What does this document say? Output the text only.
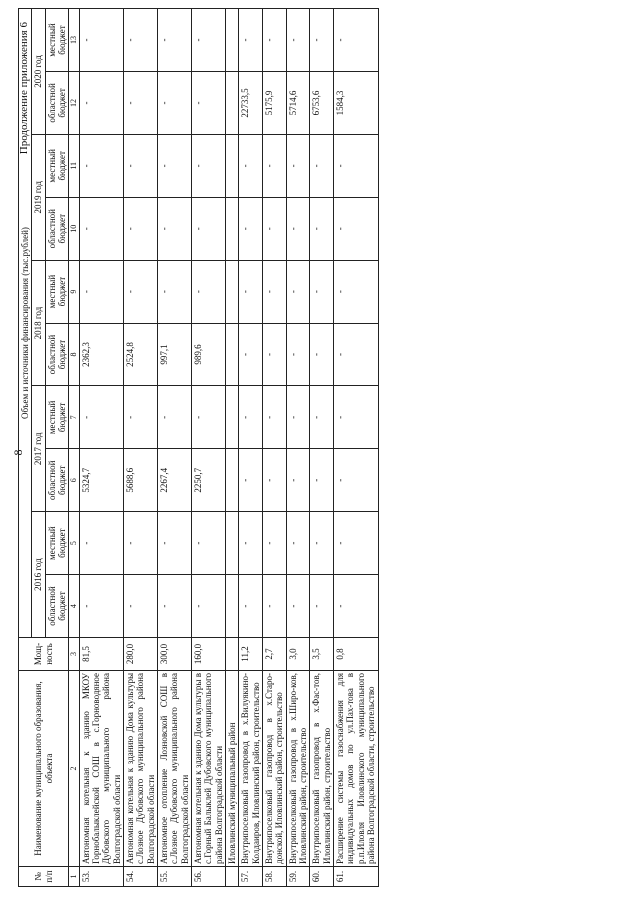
8
Продолжение приложения 6
№ п/п	Наименование муниципального образования, объекта	Мощ-ность	Объем и источники финансирования (тыс.рублей)									
			2016 год		2017 год		2018 год		2019 год		2020 год	
			областной бюджет	местный бюджет	областной бюджет	местный бюджет	областной бюджет	местный бюджет	областной бюджет	местный бюджет	областной бюджет	местный бюджет
1	2	3	4	5	6	7	8	9	10	11	12	13
53.	Автономная котельная к зданию МКОУ Горнобалыклейской СОШ в с.Горноводяное Дубовского муниципального района Волгоградской области	81,5	-	-	5324,7	-	2362,3	-	-	-	-	-
54.	Автономная котельная к зданию Дома культуры с.Лозное Дубовского муниципального района Волгоградской области	280,0	-	-	5688,6	-	2524,8	-	-	-	-	-
55.	Автономное отопление Лозновской СОШ в с.Лозное Дубовского муниципального района Волгоградской области	300,0	-	-	2267,4	-	997,1	-	-	-	-	-
56.	Автономная котельная к зданию Дома культуры в с.Горный Балыклей Дубовского муниципального района Волгоградской области	160,0	-	-	2250,7	-	989,6	-	-	-	-	-
	Иловлинский муниципальный район											
57.	Внутрипоселковый газопровод в х.Вилуякино-Колдаиров, Иловлинский район, строительство	11,2	-	-	-	-	-	-	-	-	22733,5	-
58.	Внутрипоселковый газопровод в х.Старо-донской, Иловлинский район, строительство	2,7	-	-	-	-	-	-	-	-	5175,9	-
59.	Внутрипоселковый газопровод в х.Широ-ков, Иловлинский район, строительство	3,0	-	-	-	-	-	-	-	-	5714,6	-
60.	Внутрипоселковый газопровод в х.Фас-тов, Иловлинский район, строительство	3,5	-	-	-	-	-	-	-	-	6753,6	-
61.	Расширение системы газоснабжения для индивидуальных домов по ул.Пах-това в р.п.Иловля Иловлинского муниципального района Волгоградской области, строительство	0,8	-	-	-	-	-	-	-	-	1584,3	-
